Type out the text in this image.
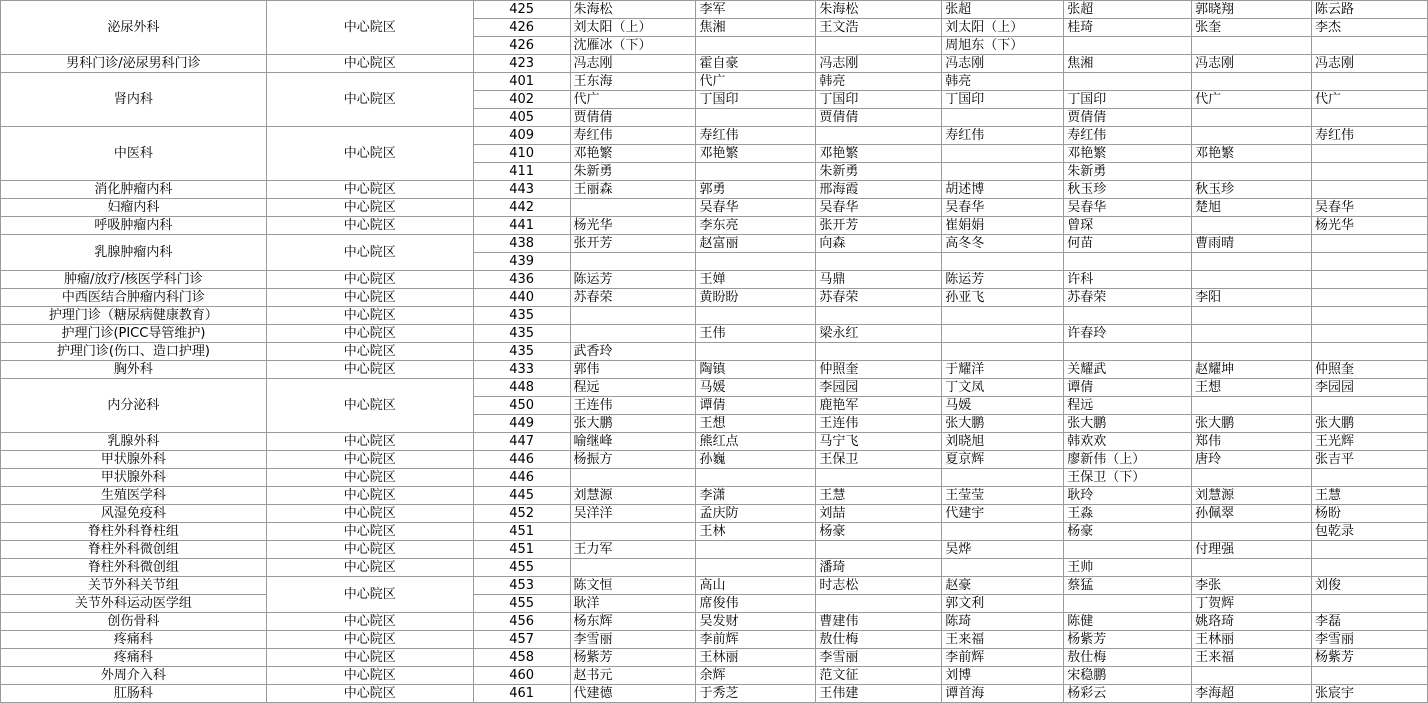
泌尿外科	中心院区	425	朱海松	李军	朱海松	张超	张超	郭晓翔	陈云路
		426	刘太阳（上）	焦湘	王文浩	刘太阳（上）	桂琦	张奎	李杰
		426	沈雁冰（下）			周旭东（下）			
男科门诊/泌尿男科门诊	中心院区	423	冯志刚	霍自豪	冯志刚	冯志刚	焦湘	冯志刚	冯志刚
肾内科	中心院区	401	王东海	代广	韩亮	韩亮			
		402	代广	丁国印	丁国印	丁国印	丁国印	代广	代广
		405	贾倩倩		贾倩倩		贾倩倩		
中医科	中心院区	409	寿红伟	寿红伟		寿红伟	寿红伟		寿红伟
		410	邓艳繁	邓艳繁	邓艳繁		邓艳繁	邓艳繁	
		411	朱新勇		朱新勇		朱新勇		
消化肿瘤内科	中心院区	443	王丽森	郭勇	邢海霞	胡述博	秋玉珍	秋玉珍	
妇瘤内科	中心院区	442		吴春华	吴春华	吴春华	吴春华	楚旭	吴春华
呼吸肿瘤内科	中心院区	441	杨光华	李东亮	张开芳	崔娟娟	曾琛		杨光华
乳腺肿瘤内科	中心院区	438	张开芳	赵富丽	向森	高冬冬	何苗	曹雨晴	
		439							
肿瘤/放疗/核医学科门诊	中心院区	436	陈运芳	王婵	马鼎	陈运芳	许科		
中西医结合肿瘤内科门诊	中心院区	440	苏春荣	黄盼盼	苏春荣	孙亚飞	苏春荣	李阳	
护理门诊（糖尿病健康教育）	中心院区	435							
护理门诊(PICC导管维护)	中心院区	435		王伟	梁永红		许春玲		
护理门诊(伤口、造口护理)	中心院区	435	武香玲						
胸外科	中心院区	433	郭伟	陶镇	仲照奎	于耀洋	关耀武	赵耀坤	仲照奎
内分泌科	中心院区	448	程远	马媛	李园园	丁文凤	谭倩	王想	李园园
		450	王连伟	谭倩	鹿艳军	马媛	程远		
		449	张大鹏	王想	王连伟	张大鹏	张大鹏	张大鹏	张大鹏
乳腺外科	中心院区	447	喻继峰	熊红点	马宁飞	刘晓旭	韩欢欢	郑伟	王光辉
甲状腺外科	中心院区	446	杨振方	孙巍	王保卫	夏京辉	廖新伟（上）	唐玲	张吉平
甲状腺外科	中心院区	446					王保卫（下）		
生殖医学科	中心院区	445	刘慧源	李潇	王慧	王莹莹	耿玲	刘慧源	王慧
风湿免疫科	中心院区	452	吴洋洋	孟庆防	刘喆	代建宇	王淼	孙佩翠	杨盼
脊柱外科脊柱组	中心院区	451		王林	杨豪		杨豪		包乾录
脊柱外科微创组	中心院区	451	王力军			吴烨		付理强	
脊柱外科微创组	中心院区	455			潘琦		王帅		
关节外科关节组	中心院区	453	陈文恒	高山	时志松	赵豪	蔡猛	李张	刘俊
关节外科运动医学组		455	耿洋	席俊伟		郭文利		丁贺辉	
创伤骨科	中心院区	456	杨东辉	吴发财	曹建伟	陈琦	陈健	姚珞琦	李磊
疼痛科	中心院区	457	李雪丽	李前辉	敖仕梅	王来福	杨紫芳	王林丽	李雪丽
疼痛科	中心院区	458	杨紫芳	王林丽	李雪丽	李前辉	敖仕梅	王来福	杨紫芳
外周介入科	中心院区	460	赵书元	余辉	范文征	刘博	宋稳鹏		
肛肠科	中心院区	461	代建德	于秀芝	王伟建	谭首海	杨彩云	李海超	张宸宇
